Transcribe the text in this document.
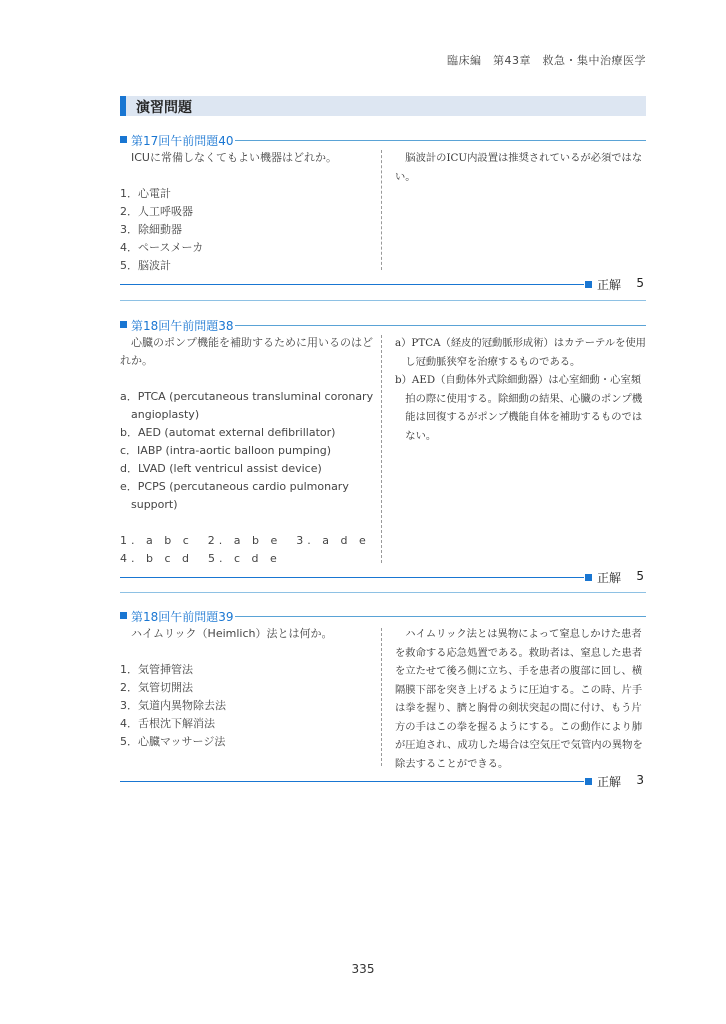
臨床編　第43章　救急・集中治療医学
演習問題
第17回午前問題40
ICUに常備しなくてもよい機器はどれか。
1．心電計
2．人工呼吸器
3．除細動器
4．ペースメーカ
5．脳波計
脳波計のICU内設置は推奨されているが必須ではない。
正解 5
第18回午前問題38
心臓のポンプ機能を補助するために用いるのはどれか。
a．PTCA (percutaneous transluminal coronary angioplasty)
b．AED (automat external defibrillator)
c．IABP (intra-aortic balloon pumping)
d．LVAD (left ventricul assist device)
e．PCPS (percutaneous cardio pulmonary support)
1. a b c　2. a b e　3. a d e
4. b c d　5. c d e
a）PTCA（経皮的冠動脈形成術）はカテーテルを使用し冠動脈狭窄を治療するものである。
b）AED（自動体外式除細動器）は心室細動・心室頻拍の際に使用する。除細動の結果、心臓のポンプ機能は回復するがポンプ機能自体を補助するものではない。
正解 5
第18回午前問題39
ハイムリック（Heimlich）法とは何か。
1．気管挿管法
2．気管切開法
3．気道内異物除去法
4．舌根沈下解消法
5．心臓マッサージ法
ハイムリック法とは異物によって窒息しかけた患者を救命する応急処置である。救助者は、窒息した患者を立たせて後ろ側に立ち、手を患者の腹部に回し、横隔膜下部を突き上げるように圧迫する。この時、片手は拳を握り、臍と胸骨の剣状突起の間に付け、もう片方の手はこの拳を握るようにする。この動作により肺が圧迫され、成功した場合は空気圧で気管内の異物を除去することができる。
正解 3
335
